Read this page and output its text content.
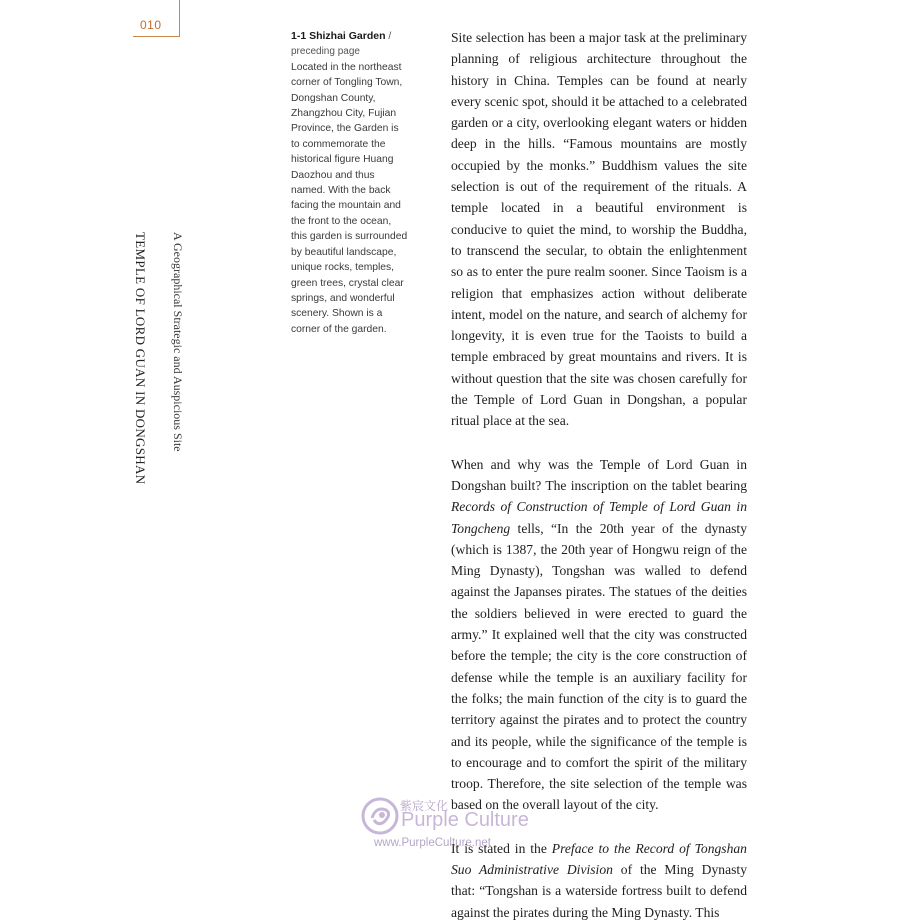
010
A Geographical Strategic and Auspicious Site
TEMPLE OF LORD GUAN IN DONGSHAN
1-1 Shizhai Garden /
preceding page
Located in the northeast corner of Tongling Town, Dongshan County, Zhangzhou City, Fujian Province, the Garden is to commemorate the historical figure Huang Daozhou and thus named. With the back facing the mountain and the front to the ocean, this garden is surrounded by beautiful landscape, unique rocks, temples, green trees, crystal clear springs, and wonderful scenery. Shown is a corner of the garden.

Site selection has been a major task at the preliminary planning of religious architecture throughout the history in China. Temples can be found at nearly every scenic spot, should it be attached to a celebrated garden or a city, overlooking elegant waters or hidden deep in the hills. “Famous mountains are mostly occupied by the monks.” Buddhism values the site selection is out of the requirement of the rituals. A temple located in a beautiful environment is conducive to quiet the mind, to worship the Buddha, to transcend the secular, to obtain the enlightenment so as to enter the pure realm sooner. Since Taoism is a religion that emphasizes action without deliberate intent, model on the nature, and search of alchemy for longevity, it is even true for the Taoists to build a temple embraced by great mountains and rivers. It is without question that the site was chosen carefully for the Temple of Lord Guan in Dongshan, a popular ritual place at the sea.

When and why was the Temple of Lord Guan in Dongshan built? The inscription on the tablet bearing Records of Construction of Temple of Lord Guan in Tongcheng tells, “In the 20th year of the dynasty (which is 1387, the 20th year of Hongwu reign of the Ming Dynasty), Tongshan was walled to defend against the Japanses pirates. The statues of the deities the soldiers believed in were erected to guard the army.” It explained well that the city was constructed before the temple; the city is the core construction of defense while the temple is an auxiliary facility for the folks; the main function of the city is to guard the territory against the pirates and to protect the country and its people, while the significance of the temple is to encourage and to comfort the spirit of the military troop. Therefore, the site selection of the temple was based on the overall layout of the city.

It is stated in the Preface to the Record of Tongshan Suo Administrative Division of the Ming Dynasty that: “Tongshan is a waterside fortress built to defend against the pirates during the Ming Dynasty. This

紫宸文化
Purple Culture
www.PurpleCulture.net
